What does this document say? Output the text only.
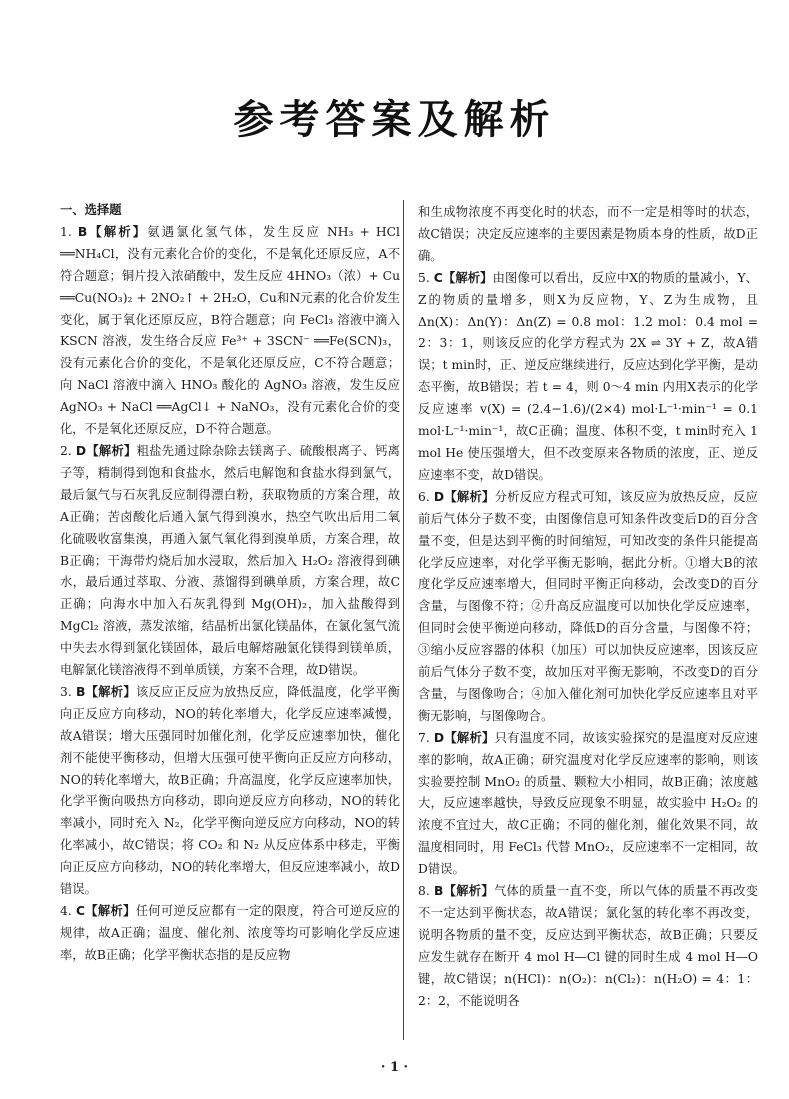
参考答案及解析

一、选择题

1. B【解析】氨遇氯化氢气体，发生反应 NH₃ + HCl ══NH₄Cl，没有元素化合价的变化，不是氧化还原反应，A不符合题意；铜片投入浓硝酸中，发生反应 4HNO₃（浓）+ Cu ══Cu(NO₃)₂ + 2NO₂↑ + 2H₂O，Cu和N元素的化合价发生变化，属于氧化还原反应，B符合题意；向 FeCl₃ 溶液中滴入 KSCN 溶液，发生络合反应 Fe³⁺ + 3SCN⁻ ══Fe(SCN)₃，没有元素化合价的变化，不是氧化还原反应，C不符合题意；向 NaCl 溶液中滴入 HNO₃ 酸化的 AgNO₃ 溶液，发生反应 AgNO₃ + NaCl ══AgCl↓ + NaNO₃，没有元素化合价的变化，不是氧化还原反应，D不符合题意。

2. D【解析】粗盐先通过除杂除去镁离子、硫酸根离子、钙离子等，精制得到饱和食盐水，然后电解饱和食盐水得到氯气，最后氯气与石灰乳反应制得漂白粉，获取物质的方案合理，故A正确；苦卤酸化后通入氯气得到溴水，热空气吹出后用二氧化硫吸收富集溴，再通入氯气氧化得到溴单质，方案合理，故B正确；干海带灼烧后加水浸取，然后加入 H₂O₂ 溶液得到碘水，最后通过萃取、分液、蒸馏得到碘单质，方案合理，故C正确；向海水中加入石灰乳得到 Mg(OH)₂，加入盐酸得到 MgCl₂ 溶液，蒸发浓缩，结晶析出氯化镁晶体，在氯化氢气流中失去水得到氯化镁固体，最后电解熔融氯化镁得到镁单质，电解氯化镁溶液得不到单质镁，方案不合理，故D错误。

3. B【解析】该反应正反应为放热反应，降低温度，化学平衡向正反应方向移动，NO的转化率增大，化学反应速率减慢，故A错误；增大压强同时加催化剂，化学反应速率加快，催化剂不能使平衡移动，但增大压强可使平衡向正反应方向移动，NO的转化率增大，故B正确；升高温度，化学反应速率加快，化学平衡向吸热方向移动，即向逆反应方向移动，NO的转化率减小，同时充入 N₂，化学平衡向逆反应方向移动，NO的转化率减小，故C错误；将 CO₂ 和 N₂ 从反应体系中移走，平衡向正反应方向移动，NO的转化率增大，但反应速率减小，故D错误。

4. C【解析】任何可逆反应都有一定的限度，符合可逆反应的规律，故A正确；温度、催化剂、浓度等均可影响化学反应速率，故B正确；化学平衡状态指的是反应物

和生成物浓度不再变化时的状态，而不一定是相等时的状态，故C错误；决定反应速率的主要因素是物质本身的性质，故D正确。

5. C【解析】由图像可以看出，反应中X的物质的量减小，Y、Z的物质的量增多，则X为反应物，Y、Z为生成物，且 Δn(X)：Δn(Y)：Δn(Z) = 0.8 mol：1.2 mol：0.4 mol = 2：3：1，则该反应的化学方程式为 2X ⇌ 3Y + Z，故A错误；t min时，正、逆反应继续进行，反应达到化学平衡，是动态平衡，故B错误；若 t = 4，则 0～4 min 内用X表示的化学反应速率 v(X) = (2.4−1.6)/(2×4) mol·L⁻¹·min⁻¹ = 0.1 mol·L⁻¹·min⁻¹，故C正确；温度、体积不变，t min时充入 1 mol He 使压强增大，但不改变原来各物质的浓度，正、逆反应速率不变，故D错误。

6. D【解析】分析反应方程式可知，该反应为放热反应，反应前后气体分子数不变，由图像信息可知条件改变后D的百分含量不变，但是达到平衡的时间缩短，可知改变的条件只能提高化学反应速率，对化学平衡无影响，据此分析。①增大B的浓度化学反应速率增大，但同时平衡正向移动，会改变D的百分含量，与图像不符；②升高反应温度可以加快化学反应速率，但同时会使平衡逆向移动，降低D的百分含量，与图像不符；③缩小反应容器的体积（加压）可以加快反应速率，因该反应前后气体分子数不变，故加压对平衡无影响，不改变D的百分含量，与图像吻合；④加入催化剂可加快化学反应速率且对平衡无影响，与图像吻合。

7. D【解析】只有温度不同，故该实验探究的是温度对反应速率的影响，故A正确；研究温度对化学反应速率的影响，则该实验要控制 MnO₂ 的质量、颗粒大小相同，故B正确；浓度越大，反应速率越快，导致反应现象不明显，故实验中 H₂O₂ 的浓度不宜过大，故C正确；不同的催化剂，催化效果不同，故温度相同时，用 FeCl₃ 代替 MnO₂，反应速率不一定相同，故D错误。

8. B【解析】气体的质量一直不变，所以气体的质量不再改变不一定达到平衡状态，故A错误；氯化氢的转化率不再改变，说明各物质的量不变，反应达到平衡状态，故B正确；只要反应发生就存在断开 4 mol H—Cl 键的同时生成 4 mol H—O 键，故C错误；n(HCl)：n(O₂)：n(Cl₂)：n(H₂O) = 4：1：2：2，不能说明各

· 1 ·
